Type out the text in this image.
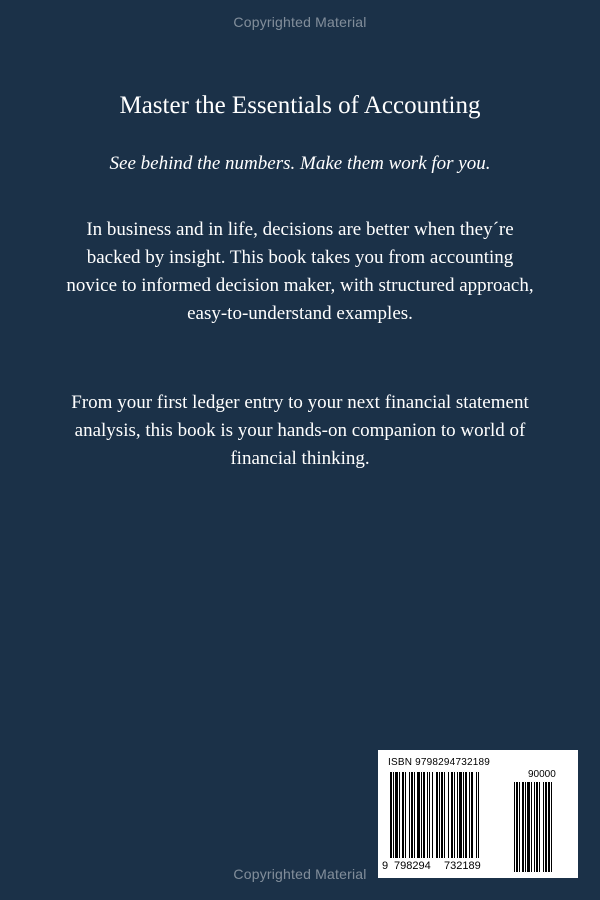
Copyrighted Material
Master the Essentials of Accounting

See behind the numbers. Make them work for you.

In business and in life, decisions are better when they´re backed by insight. This book takes you from accounting novice to informed decision maker, with structured approach, easy-to-understand examples.

From your first ledger entry to your next financial statement analysis, this book is your hands-on companion to world of financial thinking.

ISBN 9798294732189
90000
9 798294 732189
Copyrighted Material
